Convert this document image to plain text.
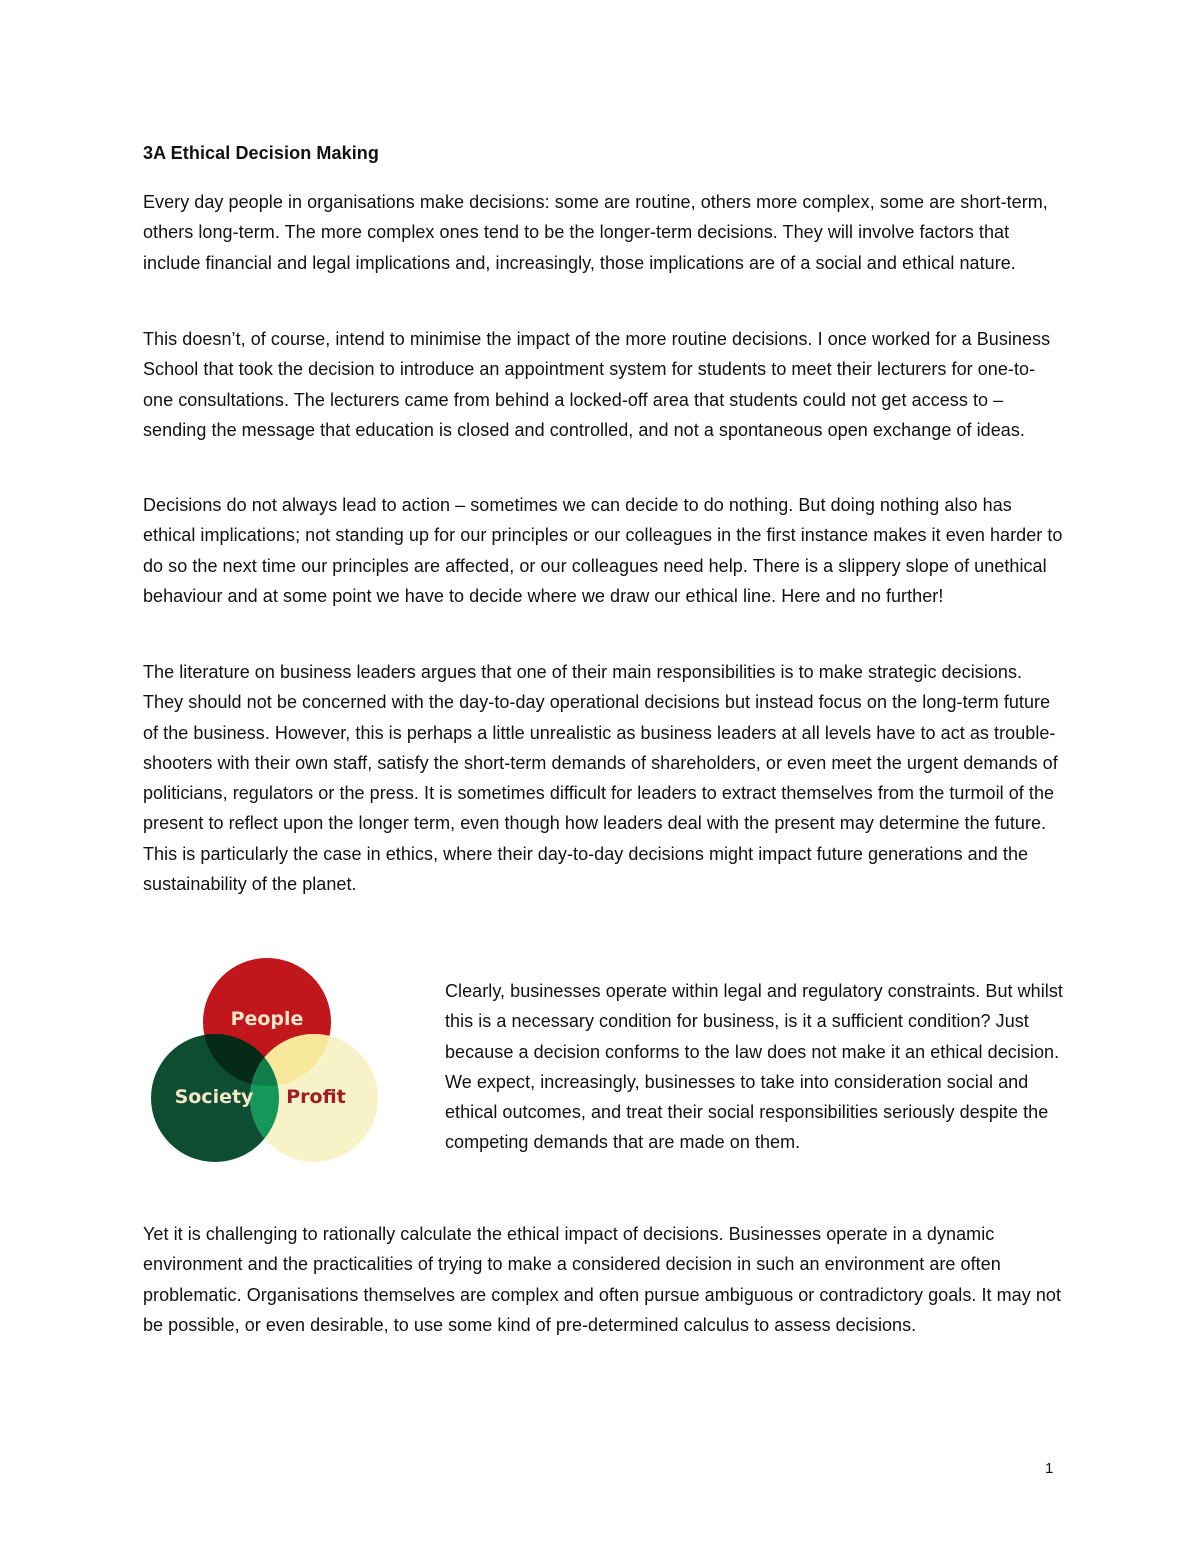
3A Ethical Decision Making

Every day people in organisations make decisions: some are routine, others more complex, some are short-term, others long-term. The more complex ones tend to be the longer-term decisions. They will involve factors that include financial and legal implications and, increasingly, those implications are of a social and ethical nature.

This doesn’t, of course, intend to minimise the impact of the more routine decisions. I once worked for a Business School that took the decision to introduce an appointment system for students to meet their lecturers for one-to-one consultations. The lecturers came from behind a locked-off area that students could not get access to – sending the message that education is closed and controlled, and not a spontaneous open exchange of ideas.

Decisions do not always lead to action – sometimes we can decide to do nothing. But doing nothing also has ethical implications; not standing up for our principles or our colleagues in the first instance makes it even harder to do so the next time our principles are affected, or our colleagues need help. There is a slippery slope of unethical behaviour and at some point we have to decide where we draw our ethical line. Here and no further!

The literature on business leaders argues that one of their main responsibilities is to make strategic decisions. They should not be concerned with the day-to-day operational decisions but instead focus on the long-term future of the business. However, this is perhaps a little unrealistic as business leaders at all levels have to act as trouble-shooters with their own staff, satisfy the short-term demands of shareholders, or even meet the urgent demands of politicians, regulators or the press. It is sometimes difficult for leaders to extract themselves from the turmoil of the present to reflect upon the longer term, even though how leaders deal with the present may determine the future. This is particularly the case in ethics, where their day-to-day decisions might impact future generations and the sustainability of the planet.

People
Society Profit

Clearly, businesses operate within legal and regulatory constraints. But whilst this is a necessary condition for business, is it a sufficient condition? Just because a decision conforms to the law does not make it an ethical decision. We expect, increasingly, businesses to take into consideration social and ethical outcomes, and treat their social responsibilities seriously despite the competing demands that are made on them.

Yet it is challenging to rationally calculate the ethical impact of decisions. Businesses operate in a dynamic environment and the practicalities of trying to make a considered decision in such an environment are often problematic. Organisations themselves are complex and often pursue ambiguous or contradictory goals. It may not be possible, or even desirable, to use some kind of pre-determined calculus to assess decisions.

1
